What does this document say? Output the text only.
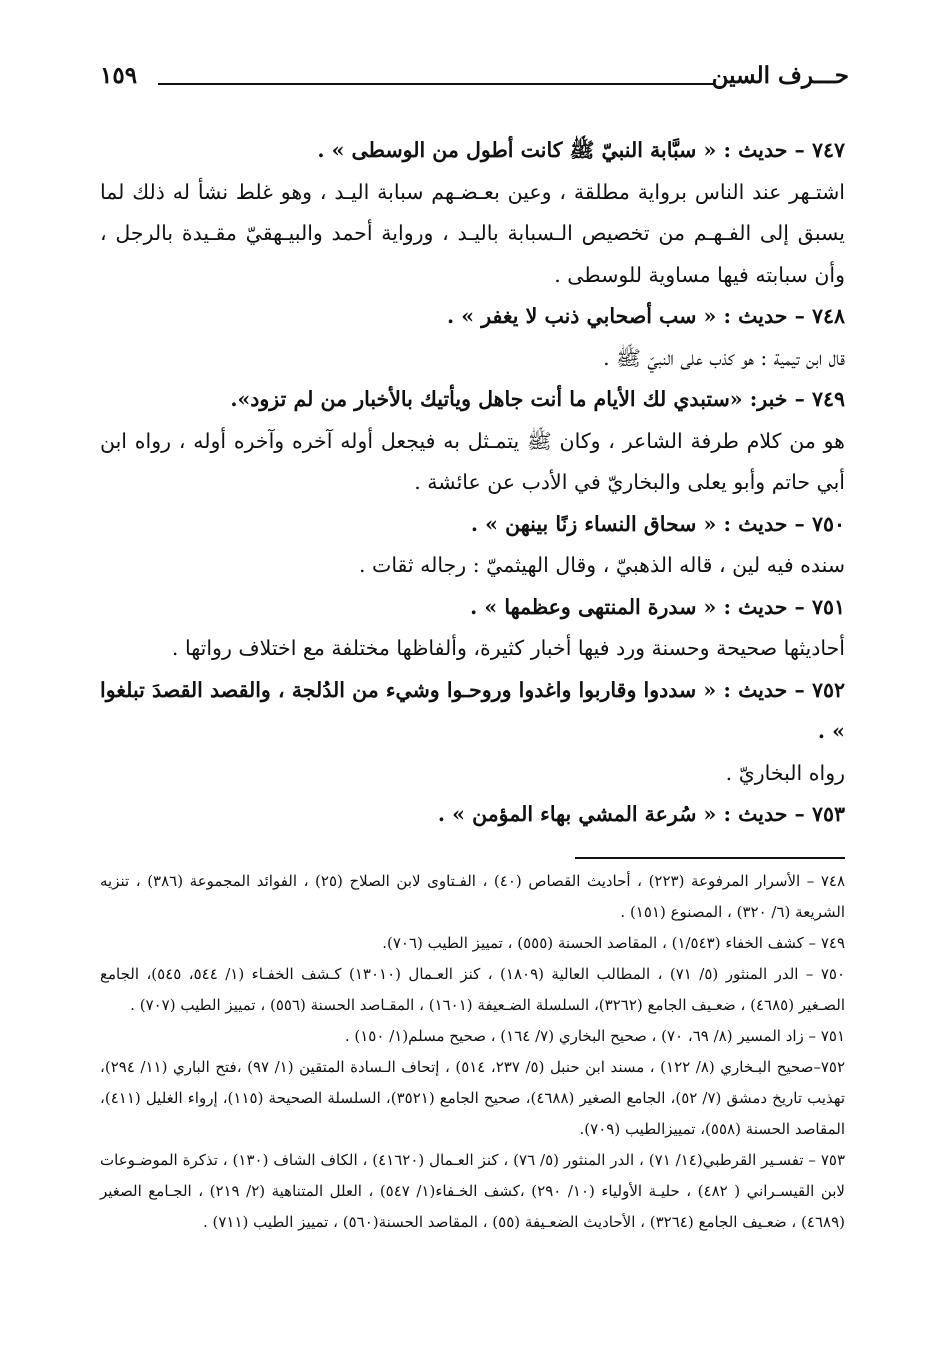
حـــرف السين
١٥٩

٧٤٧ – حديث : « سبَّابة النبيّ ﷺ كانت أطول من الوسطى » .

اشتـهر عند الناس برواية مطلقة ، وعين بعـضـهم سبابة اليـد ، وهو غلط نشأ له ذلك لما يسبق إلى الفـهـم من تخصيص الـسبابة باليـد ، ورواية أحمد والبيـهقيّ مقـيدة بالرجل ، وأن سبابته فيها مساوية للوسطى .

٧٤٨ – حديث : « سب أصحابي ذنب لا يغفر » .

قال ابن تيمية : هو كذب على النبيّ ﷺ .

٧٤٩ – خبر: «ستبدي لك الأيام ما أنت جاهل ويأتيك بالأخبار من لم تزود».

هو من كلام طرفة الشاعر ، وكان ﷺ يتمـثل به فيجعل أوله آخره وآخره أوله ، رواه ابن أبي حاتم وأبو يعلى والبخاريّ في الأدب عن عائشة .

٧٥٠ – حديث : « سحاق النساء زنًا بينهن » .

سنده فيه لين ، قاله الذهبيّ ، وقال الهيثميّ : رجاله ثقات .

٧٥١ – حديث : « سدرة المنتهى وعظمها » .

أحاديثها صحيحة وحسنة ورد فيها أخبار كثيرة، وألفاظها مختلفة مع اختلاف رواتها .

٧٥٢ – حديث : « سددوا وقاربوا واغدوا وروحـوا وشيء من الدُلجة ، والقصد القصدَ تبلغوا » .

رواه البخاريّ .

٧٥٣ – حديث : « سُرعة المشي بهاء المؤمن » .

٧٤٨ – الأسرار المرفوعة (٢٢٣) ، أحاديث القصاص (٤٠) ، الفـتاوى لابن الصلاح (٢٥) ، الفوائد المجموعة (٣٨٦) ، تنزيه الشريعة (٦/ ٣٢٠) ، المصنوع (١٥١) .

٧٤٩ – كشف الخفاء (١/٥٤٣) ، المقاصد الحسنة (٥٥٥) ، تمييز الطيب (٧٠٦).

٧٥٠ – الدر المنثور (٥/ ٧١) ، المطالب العالية (١٨٠٩) ، كنز العـمال (١٣٠١٠) كـشف الخفـاء (١/ ٥٤٤، ٥٤٥)، الجامع الصـغير (٤٦٨٥) ، ضعـيف الجامع (٣٢٦٢)، السلسلة الضـعيفة (١٦٠١) ، المقـاصد الحسنة (٥٥٦) ، تمييز الطيب (٧٠٧) .

٧٥١ – زاد المسير (٨/ ٦٩، ٧٠) ، صحيح البخاري (٧/ ١٦٤) ، صحيح مسلم(١/ ١٥٠) .

٧٥٢–صحيح البـخاري (٨/ ١٢٢) ، مسند ابن حنبل (٥/ ٢٣٧، ٥١٤) ، إتحاف الـسادة المتقين (١/ ٩٧) ،فتح الباري (١١/ ٢٩٤)، تهذيب تاريخ دمشق (٧/ ٥٢)، الجامع الصغير (٤٦٨٨)، صحيح الجامع (٣٥٢١)، السلسلة الصحيحة (١١٥)، إرواء الغليل (٤١١)، المقاصد الحسنة (٥٥٨)، تمييزالطيب (٧٠٩).

٧٥٣ – تفسـير القرطبي(١٤/ ٧١) ، الدر المنثور (٥/ ٧٦) ، كنز العـمال (٤١٦٢٠) ، الكاف الشاف (١٣٠) ، تذكرة الموضـوعات لابن القيسـراني ( ٤٨٢) ، حليـة الأولياء (١٠/ ٢٩٠) ،كشف الخـفاء(١/ ٥٤٧) ، العلل المتناهية (٢/ ٢١٩) ، الجـامع الصغير (٤٦٨٩) ، ضعـيف الجامع (٣٢٦٤) ، الأحاديث الضعـيفة (٥٥) ، المقاصد الحسنة(٥٦٠) ، تمييز الطيب (٧١١) .
